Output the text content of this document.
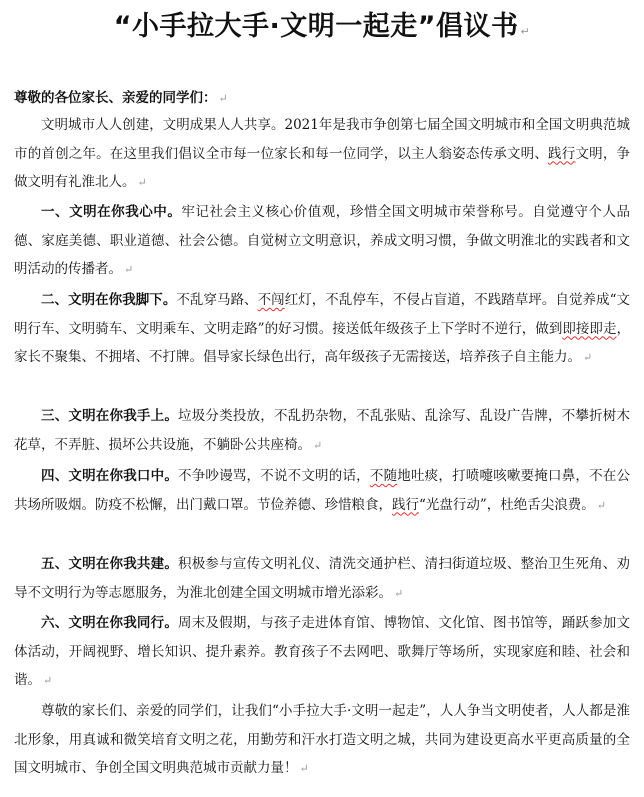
“小手拉大手·文明一起走”倡议书 ↵
尊敬的各位家长、亲爱的同学们： ↵
文明城市人人创建，文明成果人人共享。2021年是我市争创第七届全国文明城市和全国文明典范城市的首创之年。在这里我们倡议全市每一位家长和每一位同学，以主人翁姿态传承文明、践行文明，争做文明有礼淮北人。 ↵
一、文明在你我心中。牢记社会主义核心价值观，珍惜全国文明城市荣誉称号。自觉遵守个人品德、家庭美德、职业道德、社会公德。自觉树立文明意识，养成文明习惯，争做文明淮北的实践者和文明活动的传播者。 ↵
二、文明在你我脚下。不乱穿马路、不闯红灯，不乱停车，不侵占盲道，不践踏草坪。自觉养成“文明行车、文明骑车、文明乘车、文明走路”的好习惯。接送低年级孩子上下学时不逆行，做到即接即走，家长不聚集、不拥堵、不打牌。倡导家长绿色出行，高年级孩子无需接送，培养孩子自主能力。 ↵
三、文明在你我手上。垃圾分类投放，不乱扔杂物，不乱张贴、乱涂写、乱设广告牌，不攀折树木花草，不弄脏、损坏公共设施，不躺卧公共座椅。 ↵
四、文明在你我口中。不争吵谩骂，不说不文明的话，不随地吐痰，打喷嚏咳嗽要掩口鼻，不在公共场所吸烟。防疫不松懈，出门戴口罩。节俭养德、珍惜粮食，践行“光盘行动”，杜绝舌尖浪费。 ↵
五、文明在你我共建。积极参与宣传文明礼仪、清洗交通护栏、清扫街道垃圾、整治卫生死角、劝导不文明行为等志愿服务，为淮北创建全国文明城市增光添彩。 ↵
六、文明在你我同行。周末及假期，与孩子走进体育馆、博物馆、文化馆、图书馆等，踊跃参加文体活动，开阔视野、增长知识、提升素养。教育孩子不去网吧、歌舞厅等场所，实现家庭和睦、社会和谐。 ↵
尊敬的家长们、亲爱的同学们，让我们“小手拉大手·文明一起走”，人人争当文明使者，人人都是淮北形象，用真诚和微笑培育文明之花，用勤劳和汗水打造文明之城，共同为建设更高水平更高质量的全国文明城市、争创全国文明典范城市贡献力量！ ↵
